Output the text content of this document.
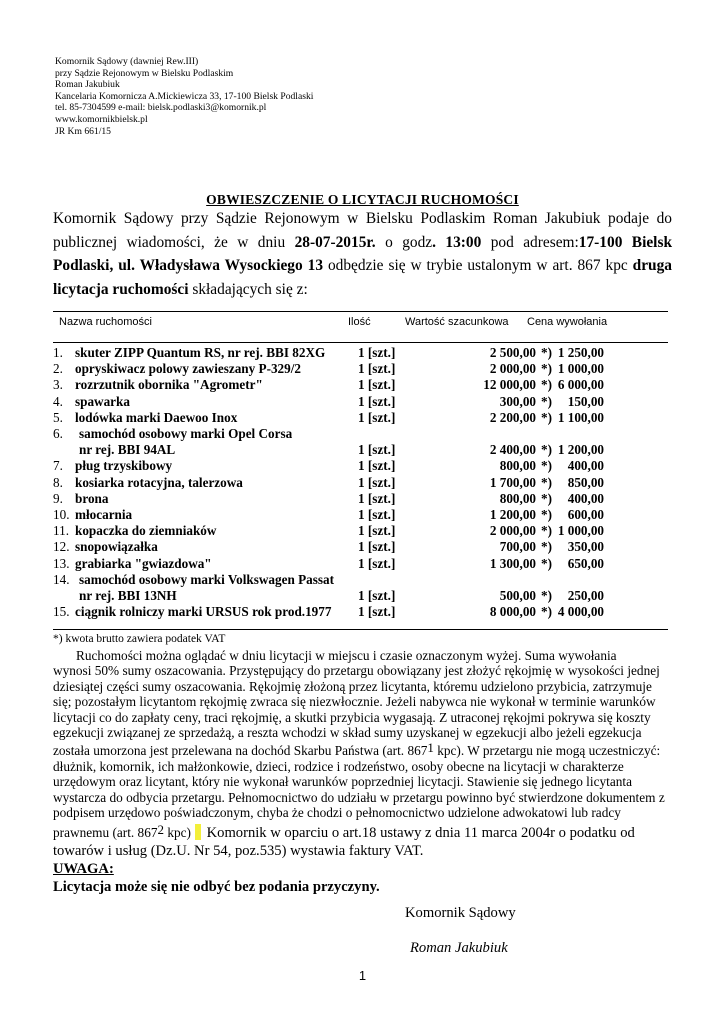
Komornik Sądowy (dawniej Rew.III)
przy Sądzie Rejonowym w Bielsku Podlaskim
Roman Jakubiuk
Kancelaria Komornicza A.Mickiewicza 33, 17-100 Bielsk Podlaski
tel. 85-7304599 e-mail: bielsk.podlaski3@komornik.pl
www.komornikbielsk.pl
JR Km 661/15
OBWIESZCZENIE O LICYTACJI RUCHOMOŚCI

Komornik Sądowy przy Sądzie Rejonowym w Bielsku Podlaskim Roman Jakubiuk podaje do publicznej wiadomości, że w dniu 28-07-2015r. o godz. 13:00 pod adresem:17-100 Bielsk Podlaski, ul. Władysława Wysockiego 13 odbędzie się w trybie ustalonym w art. 867 kpc druga licytacja ruchomości składających się z:

Nazwa ruchomości	Ilość	Wartość szacunkowa Cena wywołania
1. skuter ZIPP Quantum RS, nr rej. BBI 82XG 1 [szt.]	2 500,00 *) 1 250,00
2. opryskiwacz polowy zawieszany P-329/2	1 [szt.]	2 000,00 *) 1 000,00
3. rozrzutnik obornika "Agrometr"	1 [szt.]	12 000,00 *) 6 000,00
4. spawarka	1 [szt.]	300,00 *) 150,00
5. lodówka marki Daewoo Inox	1 [szt.]	2 200,00 *) 1 100,00
6. samochód osobowy marki Opel Corsa
nr rej. BBI 94AL	1 [szt.]	2 400,00 *) 1 200,00
7. pług trzyskibowy	1 [szt.]	800,00 *) 400,00
8. kosiarka rotacyjna, talerzowa	1 [szt.]	1 700,00 *) 850,00
9. brona	1 [szt.]	800,00 *) 400,00
10. młocarnia	1 [szt.]	1 200,00 *) 600,00
11. kopaczka do ziemniaków	1 [szt.]	2 000,00 *) 1 000,00
12. snopowiązałka	1 [szt.]	700,00 *) 350,00
13. grabiarka "gwiazdowa"	1 [szt.]	1 300,00 *) 650,00
14. samochód osobowy marki Volkswagen Passat
nr rej. BBI 13NH	1 [szt.]	500,00 *) 250,00
15. ciągnik rolniczy marki URSUS rok prod.1977 1 [szt.]	8 000,00 *) 4 000,00
*) kwota brutto zawiera podatek VAT
Ruchomości można oglądać w dniu licytacji w miejscu i czasie oznaczonym wyżej. Suma wywołania
wynosi 50% sumy oszacowania. Przystępujący do przetargu obowiązany jest złożyć rękojmię w wysokości jednej
dziesiątej części sumy oszacowania. Rękojmię złożoną przez licytanta, któremu udzielono przybicia, zatrzymuje
się; pozostałym licytantom rękojmię zwraca się niezwłocznie. Jeżeli nabywca nie wykonał w terminie warunków
licytacji co do zapłaty ceny, traci rękojmię, a skutki przybicia wygasają. Z utraconej rękojmi pokrywa się koszty
egzekucji związanej ze sprzedażą, a reszta wchodzi w skład sumy uzyskanej w egzekucji albo jeżeli egzekucja
została umorzona jest przelewana na dochód Skarbu Państwa (art. $867^1$ kpc). W przetargu nie mogą uczestniczyć:
dłużnik, komornik, ich małżonkowie, dzieci, rodzice i rodzeństwo, osoby obecne na licytacji w charakterze
urzędowym oraz licytant, który nie wykonał warunków poprzedniej licytacji. Stawienie się jednego licytanta
wystarcza do odbycia przetargu. Pełnomocnictwo do udziału w przetargu powinno być stwierdzone dokumentem z
podpisem urzędowo poświadczonym, chyba że chodzi o pełnomocnictwo udzielone adwokatowi lub radcy
prawnemu (art. $867^2$ kpc) Komornik w oparciu o art.18 ustawy z dnia 11 marca 2004r o podatku od
towarów i usług (Dz.U. Nr 54, poz.535) wystawia faktury VAT.
UWAGA:
Licytacja może się nie odbyć bez podania przyczyny.
Komornik Sądowy
Roman Jakubiuk
1
